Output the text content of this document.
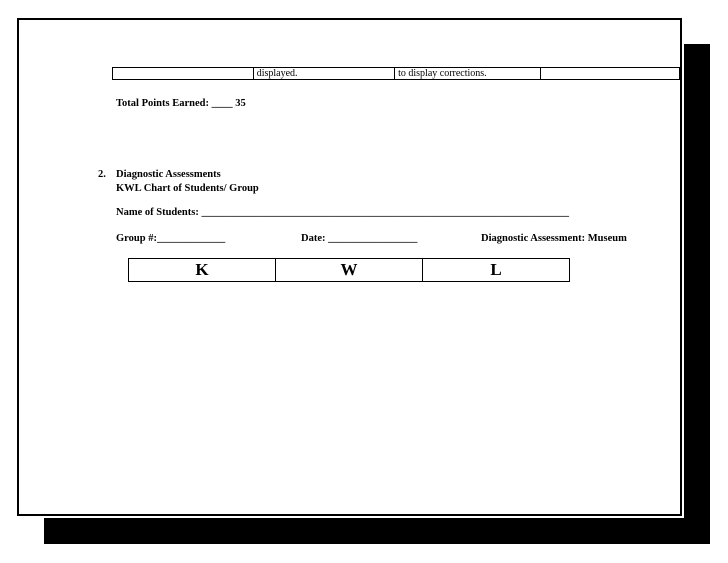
	displayed.	to display corrections.	
Total Points Earned: ____ 35
2. Diagnostic Assessments
KWL Chart of Students/ Group
Name of Students: ______________________________________________________________________
Group #:_____________	Date: _________________	Diagnostic Assessment: Museum
K	W	L
